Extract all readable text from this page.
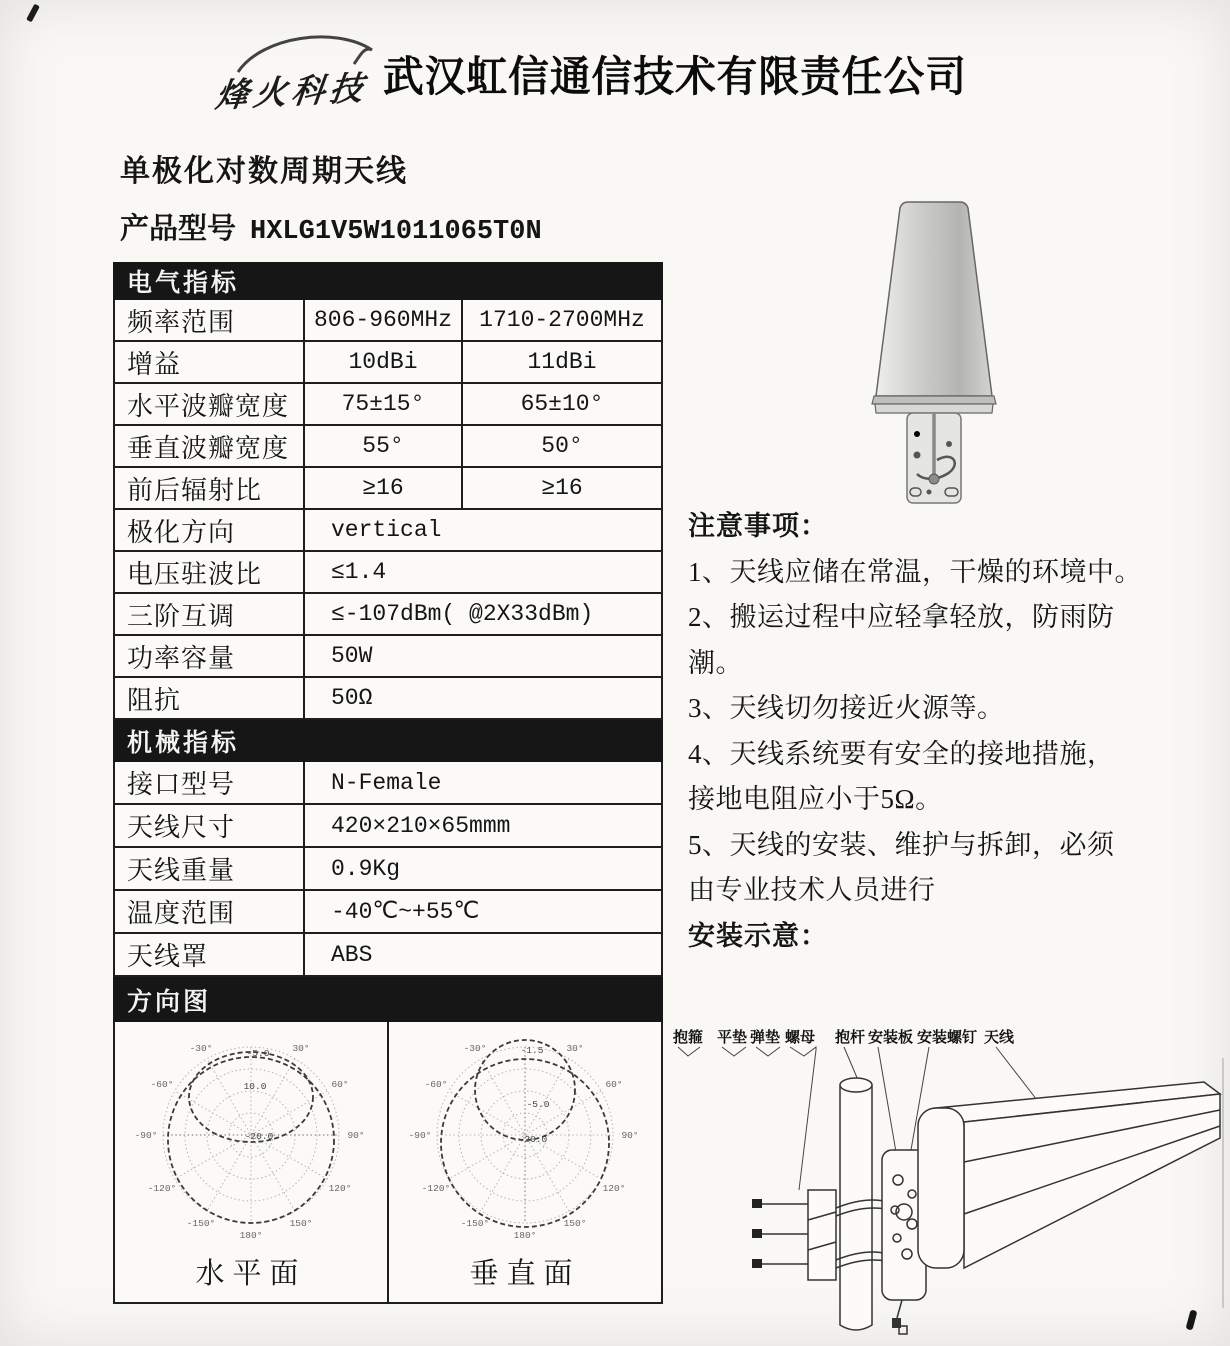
烽火科技 武汉虹信通信技术有限责任公司
单极化对数周期天线
产品型号 HXLG1V5W1011065T0N
电气指标
频率范围	806-960MHz	1710-2700MHz
增益	10dBi	11dBi
水平波瓣宽度	75±15°	65±10°
垂直波瓣宽度	55°	50°
前后辐射比	≥16	≥16
极化方向	vertical
电压驻波比	≤1.4
三阶互调	≤-107dBm( @2X33dBm)
功率容量	50W
阻抗	50Ω
机械指标
接口型号	N-Female
天线尺寸	420×210×65mmm
天线重量	0.9Kg
温度范围	-40℃~+55℃
天线罩	ABS
方向图
-30°	30°
-60°	60°
-90°	90°
-120°	120°
-150°	150°
180°
-5.0
10.0
-20.0
水平面
-30°	30°
-60°	60°
-90°	90°
-120°	120°
-150°	150°
180°
-1.5
-5.0
-20.0
垂直面
注意事项：
1、天线应储在常温，干燥的环境中。
2、搬运过程中应轻拿轻放，防雨防
潮。
3、天线切勿接近火源等。
4、天线系统要有安全的接地措施，
接地电阻应小于5Ω。
5、天线的安装、维护与拆卸，必须
由专业技术人员进行
安装示意：
抱箍 平垫 弹垫 螺母 抱杆 安装板 安装螺钉 天线
